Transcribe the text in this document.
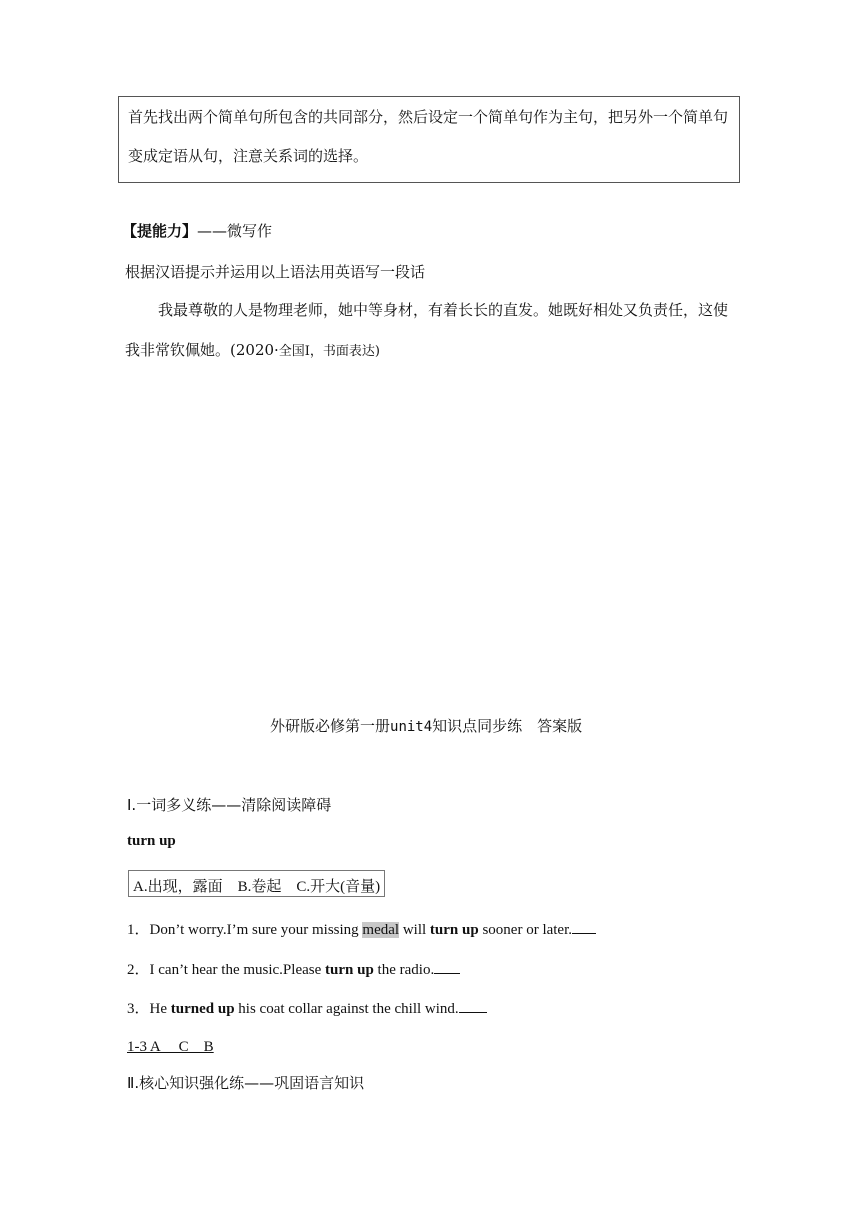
首先找出两个简单句所包含的共同部分，然后设定一个简单句作为主句，把另外一个简单句
变成定语从句，注意关系词的选择。
【提能力】——微写作
根据汉语提示并运用以上语法用英语写一段话
我最尊敬的人是物理老师，她中等身材，有着长长的直发。她既好相处又负责任，这使
我非常钦佩她。(2020·全国Ⅰ，书面表达)
外研版必修第一册unit4知识点同步练　答案版
Ⅰ.一词多义练——清除阅读障碍
turn up
A.出现，露面　B.卷起　C.开大(音量)
1．Don’t worry.I’m sure your missing medal will turn up sooner or later.
2．I can’t hear the music.Please turn up the radio.
3．He turned up his coat collar against the chill wind.
1-3 A　 C　B
Ⅱ.核心知识强化练——巩固语言知识
